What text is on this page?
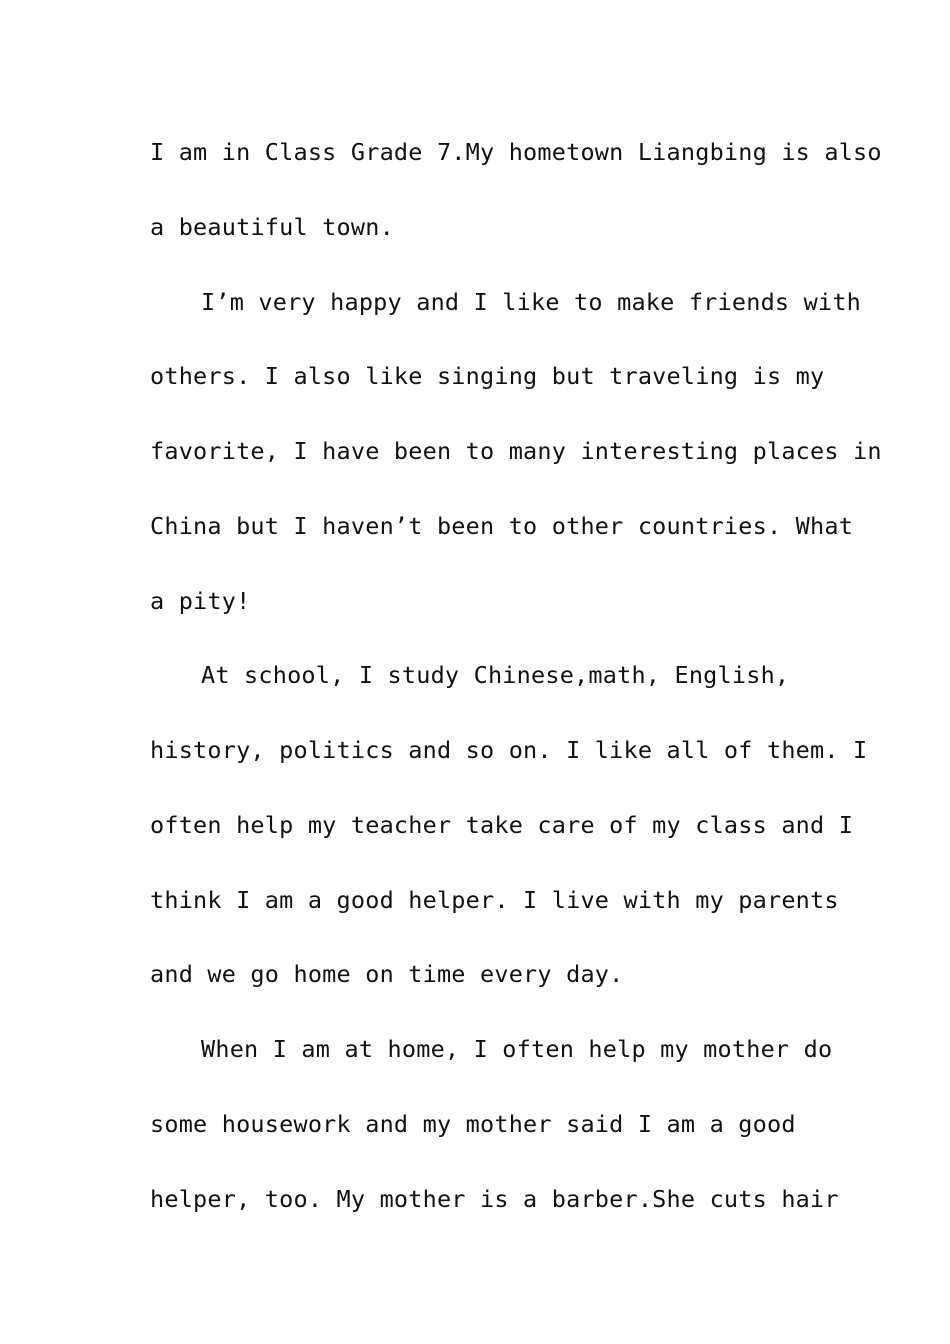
I am in Class Grade 7.My hometown Liangbing is also
a beautiful town.
I’m very happy and I like to make friends with
others. I also like singing but traveling is my
favorite, I have been to many interesting places in
China but I haven’t been to other countries. What
a pity!
At school, I study Chinese,math, English,
history, politics and so on. I like all of them. I
often help my teacher take care of my class and I
think I am a good helper. I live with my parents
and we go home on time every day.
When I am at home, I often help my mother do
some housework and my mother said I am a good
helper, too. My mother is a barber.She cuts hair
